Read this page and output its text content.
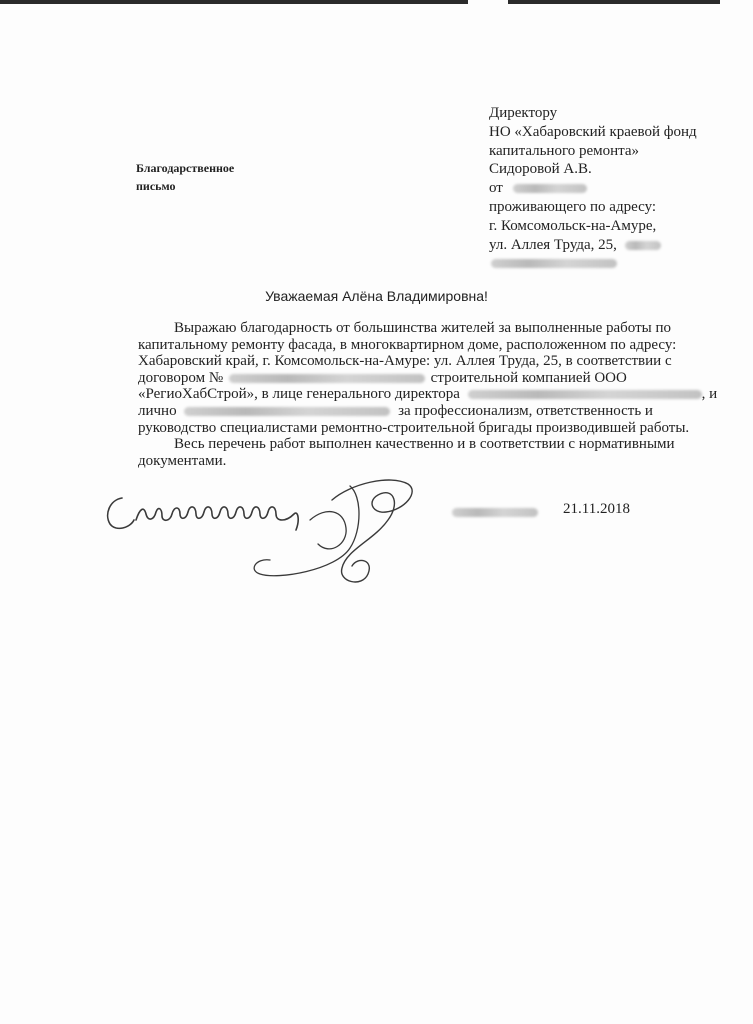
Благодарственное
письмо
Директору
НО «Хабаровский краевой фонд
капитального ремонта»
Сидоровой А.В.
от
проживающего по адресу:
г. Комсомольск-на-Амуре,
ул. Аллея Труда, 25,
Уважаемая Алёна Владимировна!
Выражаю благодарность от большинства жителей за выполненные работы по
капитальному ремонту фасада, в многоквартирном доме, расположенном по адресу:
Хабаровский край, г. Комсомольск-на-Амуре: ул. Аллея Труда, 25, в соответствии с
договором №	строительной компанией ООО
«РегиоХабСтрой», в лице генерального директора	, и
лично	за профессионализм, ответственность и
руководство специалистами ремонтно-строительной бригады производившей работы.
Весь перечень работ выполнен качественно и в соответствии с нормативными
документами.
21.11.2018
